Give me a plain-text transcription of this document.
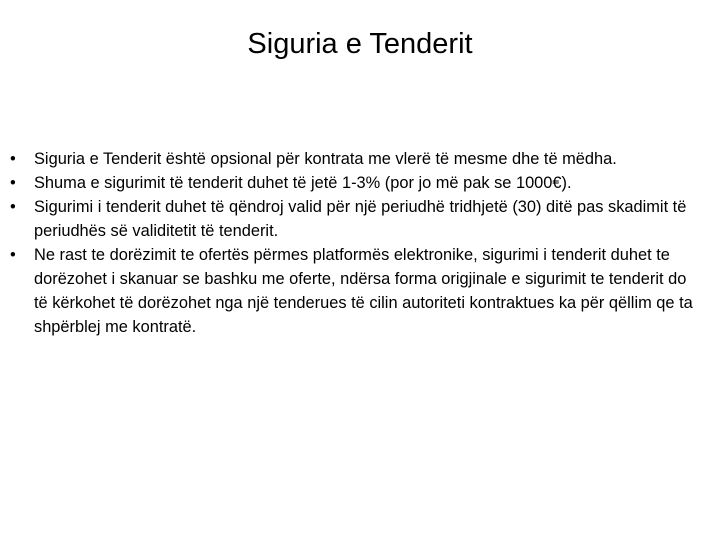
Siguria e Tenderit
•	Siguria e Tenderit është opsional për kontrata me vlerë të mesme dhe të mëdha.
•	Shuma e sigurimit të tenderit duhet të jetë 1-3% (por jo më pak se 1000€).
•	Sigurimi i tenderit duhet të qëndroj valid për një periudhë tridhjetë (30) ditë pas skadimit të periudhës së validitetit të tenderit.
•	Ne rast te dorëzimit te ofertës përmes platformës elektronike, sigurimi i tenderit duhet te dorëzohet i skanuar se bashku me oferte, ndërsa forma origjinale e sigurimit te tenderit do të kërkohet të dorëzohet nga një tenderues të cilin autoriteti kontraktues ka për qëllim qe ta shpërblej me kontratë.
